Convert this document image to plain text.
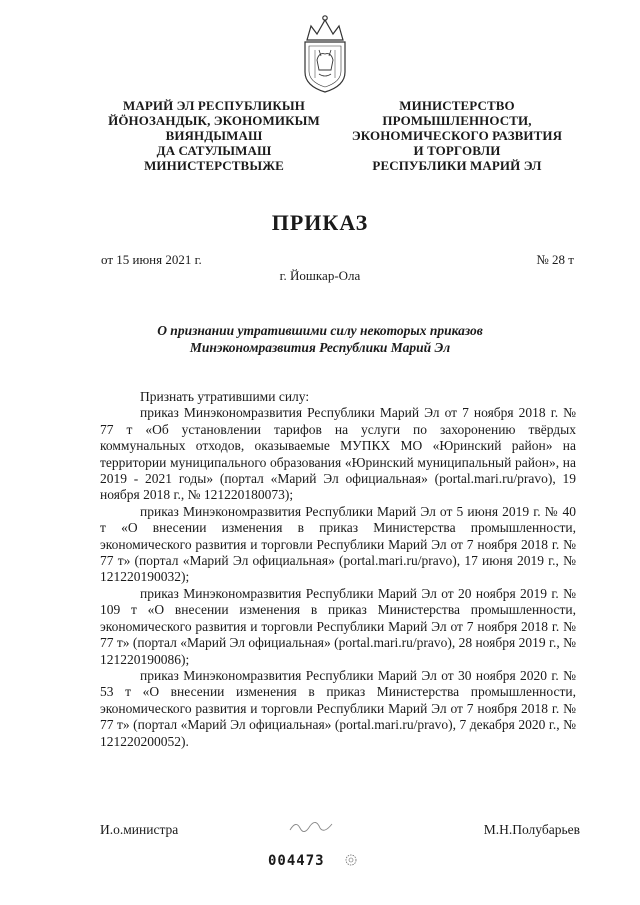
МАРИЙ ЭЛ РЕСПУБЛИКЫН
ЙÖНОЗАНДЫК, ЭКОНОМИКЫМ
ВИЯНДЫМАШ
ДА САТУЛЫМАШ
МИНИСТЕРСТВЫЖЕ
МИНИСТЕРСТВО
ПРОМЫШЛЕННОСТИ,
ЭКОНОМИЧЕСКОГО РАЗВИТИЯ
И ТОРГОВЛИ
РЕСПУБЛИКИ МАРИЙ ЭЛ
ПРИКАЗ
от 15 июня 2021 г.	№ 28 т
г. Йошкар-Ола
О признании утратившими силу некоторых приказов
Минэкономразвития Республики Марий Эл

Признать утратившими силу:

приказ Минэкономразвития Республики Марий Эл от 7 ноября 2018 г. № 77 т «Об установлении тарифов на услуги по захоронению твёрдых коммунальных отходов, оказываемые МУПКХ МО «Юринский район» на территории муниципального образования «Юринский муниципальный район», на 2019 - 2021 годы» (портал «Марий Эл официальная» (portal.mari.ru/pravo), 19 ноября 2018 г., № 121220180073);

приказ Минэкономразвития Республики Марий Эл от 5 июня 2019 г. № 40 т «О внесении изменения в приказ Министерства промышленности, экономического развития и торговли Республики Марий Эл от 7 ноября 2018 г. № 77 т» (портал «Марий Эл официальная» (portal.mari.ru/pravo), 17 июня 2019 г., № 121220190032);

приказ Минэкономразвития Республики Марий Эл от 20 ноября 2019 г. № 109 т «О внесении изменения в приказ Министерства промышленности, экономического развития и торговли Республики Марий Эл от 7 ноября 2018 г. № 77 т» (портал «Марий Эл официальная» (portal.mari.ru/pravo), 28 ноября 2019 г., № 121220190086);

приказ Минэкономразвития Республики Марий Эл от 30 ноября 2020 г. № 53 т «О внесении изменения в приказ Министерства промышленности, экономического развития и торговли Республики Марий Эл от 7 ноября 2018 г. № 77 т» (портал «Марий Эл официальная» (portal.mari.ru/pravo), 7 декабря 2020 г., № 121220200052).

И.о.министра	М.Н.Полубарьев
004473
